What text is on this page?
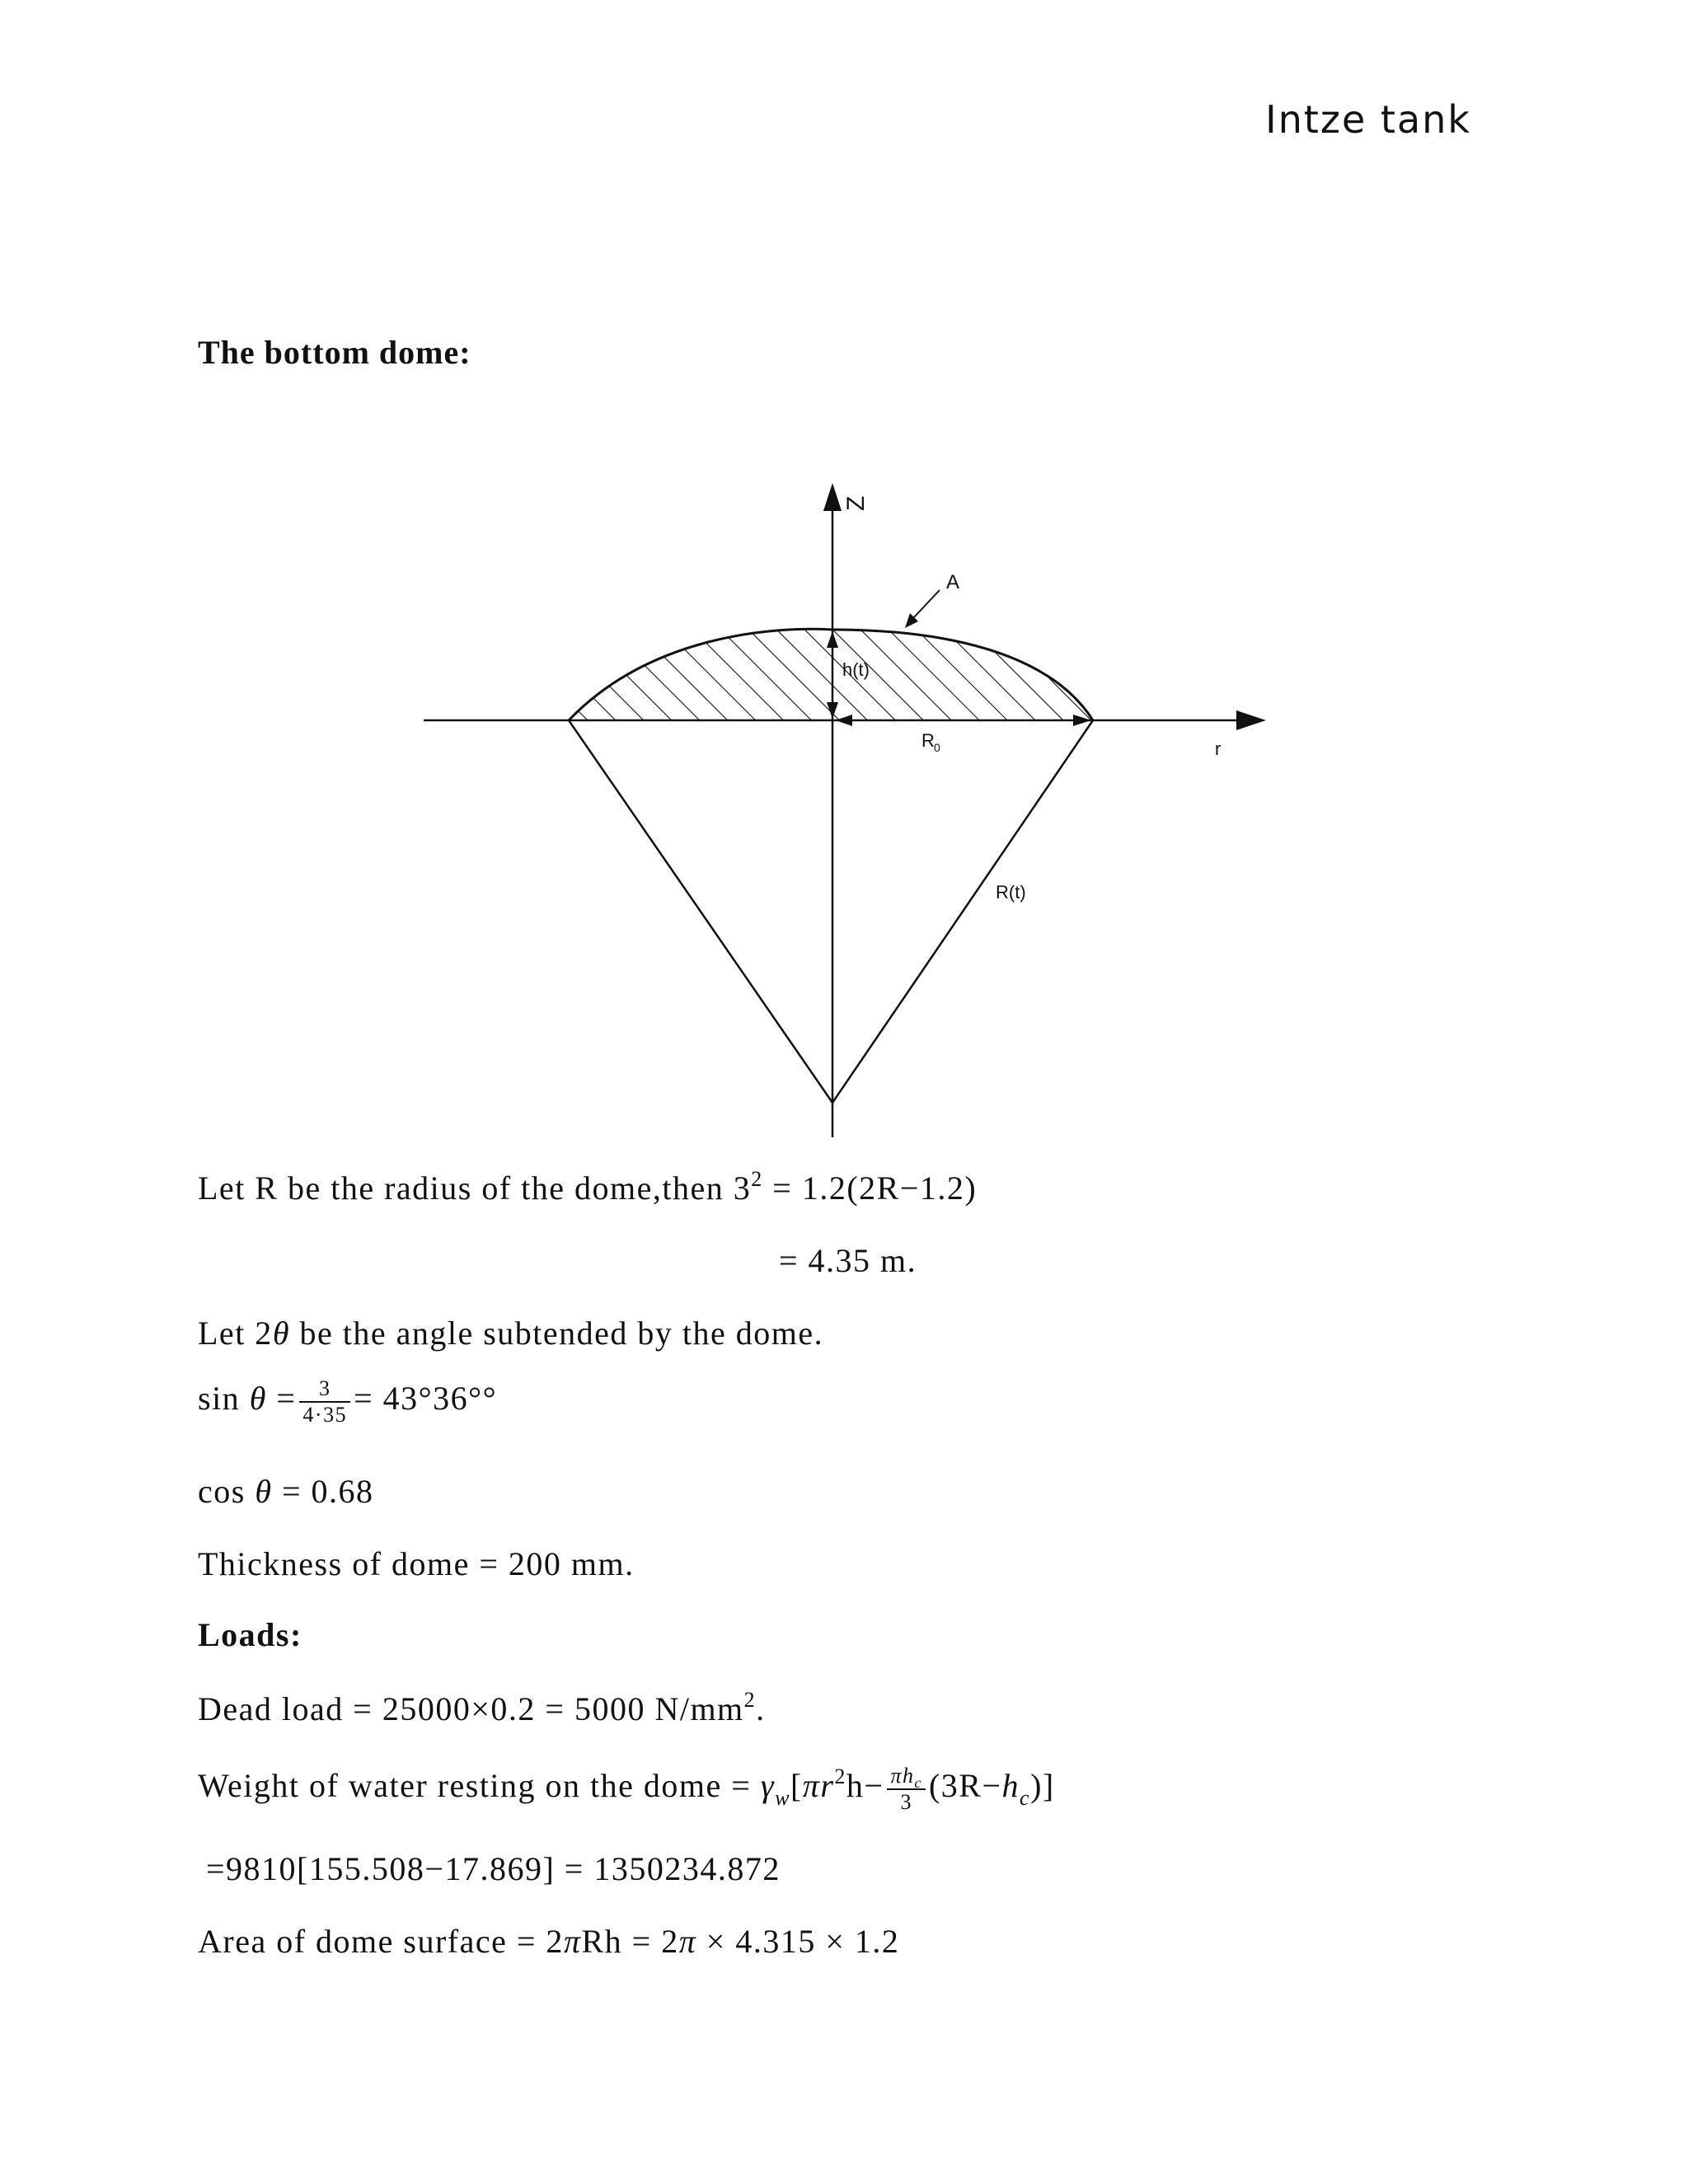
Intze tank
The bottom dome:
Z
A
h(t)
R 0	r
R(t)
Let R be the radius of the dome,then $3^2 = 1.2(2R-1.2)$
= 4.35 m.
Let 2θ be the angle subtended by the dome.
$\sin \theta = \frac{3}{4\cdot 35} = 43^\circ 36^\circ^\circ$
cos θ = 0.68
Thickness of dome = 200 mm.
Loads:
Dead load = 25000×0.2 = 5000 $N/mm^2$.
Weight of water resting on the dome = $\gamma_w[\pi r^2h- \frac{\pi h_c}{3} (3R-h_c)]$
=9810[155.508−17.869] = 1350234.872
Area of dome surface = 2πRh = 2π × 4.315 × 1.2
